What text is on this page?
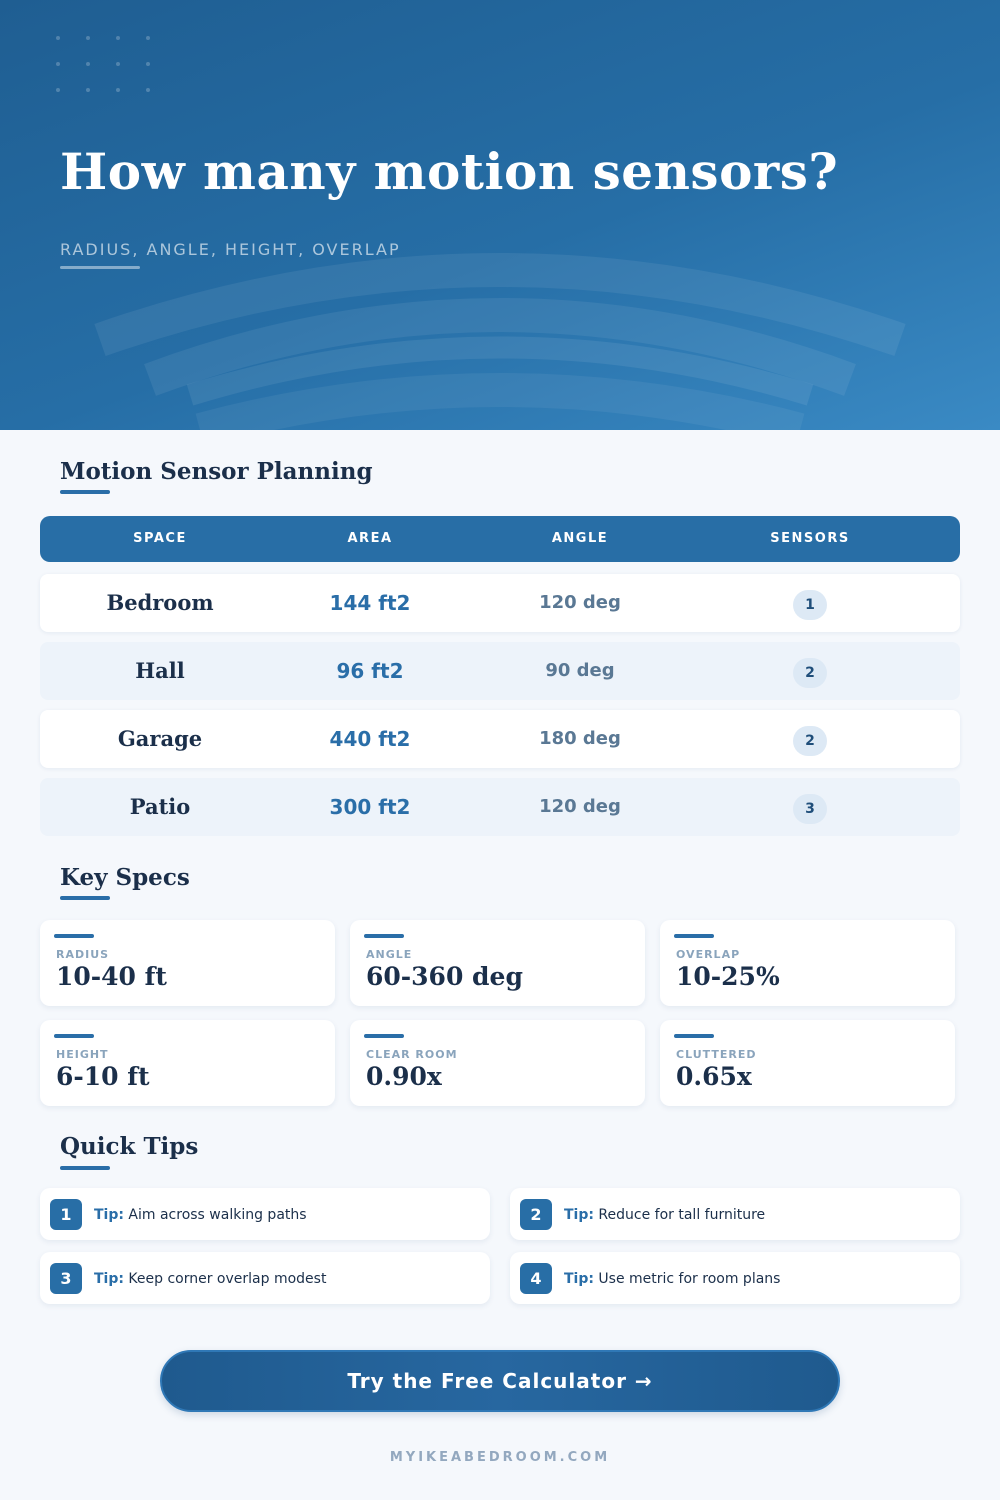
How many motion sensors?
RADIUS, ANGLE, HEIGHT, OVERLAP
Motion Sensor Planning
SPACE	AREA	ANGLE	SENSORS
Bedroom	144 ft2	120 deg	1
Hall	96 ft2	90 deg	2
Garage	440 ft2	180 deg	2
Patio	300 ft2	120 deg	3
Key Specs
RADIUS
10-40 ft
ANGLE
60-360 deg
OVERLAP
10-25%
HEIGHT
6-10 ft
CLEAR ROOM
0.90x
CLUTTERED
0.65x
Quick Tips
1	Tip: Aim across walking paths	2	Tip: Reduce for tall furniture
3	Tip: Keep corner overlap modest	4	Tip: Use metric for room plans
Try the Free Calculator →
MYIKEABEDROOM.COM
